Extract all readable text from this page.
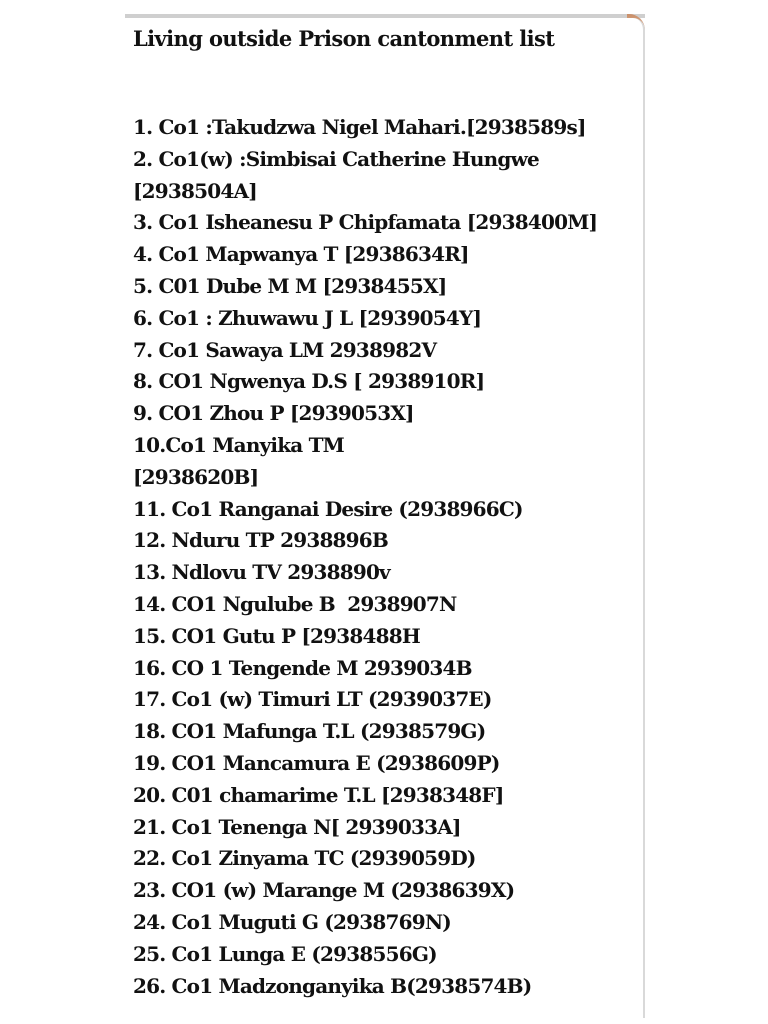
Living outside Prison cantonment list
1. Co1 :Takudzwa Nigel Mahari.[2938589s]
2. Co1(w) :Simbisai Catherine Hungwe
[2938504A]
3. Co1 Isheanesu P Chipfamata [2938400M]
4. Co1 Mapwanya T [2938634R]
5. C01 Dube M M [2938455X]
6. Co1 : Zhuwawu J L [2939054Y]
7. Co1 Sawaya LM 2938982V
8. CO1 Ngwenya D.S [ 2938910R]
9. CO1 Zhou P [2939053X]
10.Co1 Manyika TM
[2938620B]
11. Co1 Ranganai Desire (2938966C)
12. Nduru TP 2938896B
13. Ndlovu TV 2938890v
14. CO1 Ngulube B  2938907N
15. CO1 Gutu P [2938488H
16. CO 1 Tengende M 2939034B
17. Co1 (w) Timuri LT (2939037E)
18. CO1 Mafunga T.L (2938579G)
19. CO1 Mancamura E (2938609P)
20. C01 chamarime T.L [2938348F]
21. Co1 Tenenga N[ 2939033A]
22. Co1 Zinyama TC (2939059D)
23. CO1 (w) Marange M (2938639X)
24. Co1 Muguti G (2938769N)
25. Co1 Lunga E (2938556G)
26. Co1 Madzonganyika B(2938574B)
